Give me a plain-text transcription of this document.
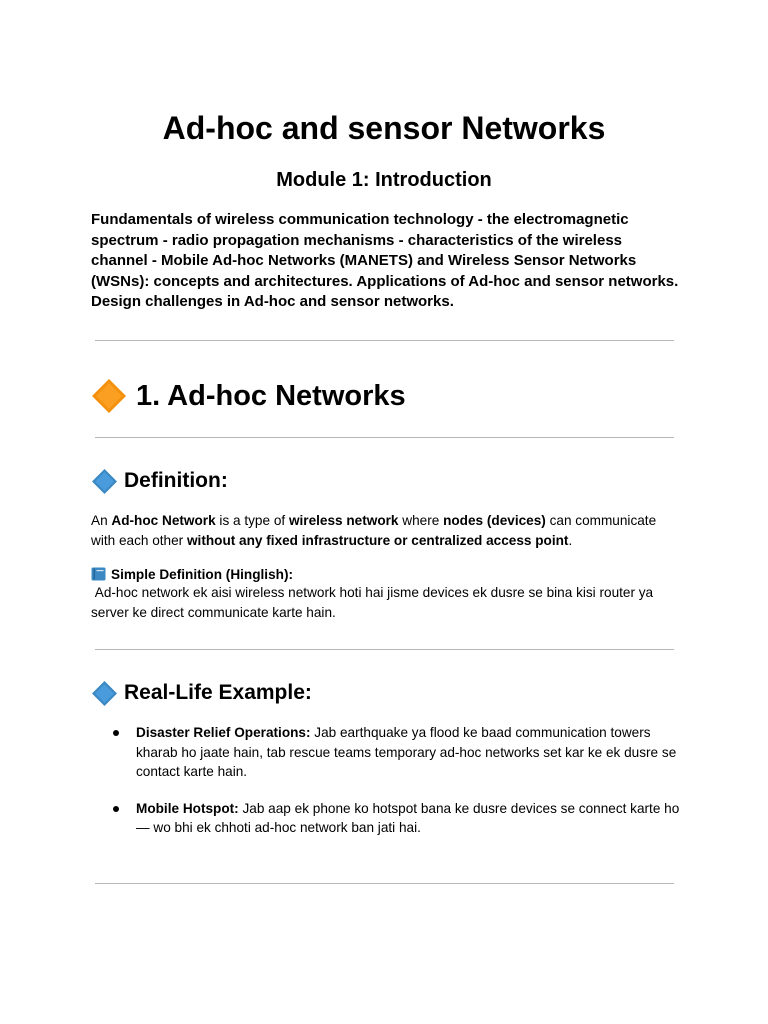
Ad-hoc and sensor Networks
Module 1: Introduction
Fundamentals of wireless communication technology - the electromagnetic spectrum - radio propagation mechanisms - characteristics of the wireless channel - Mobile Ad-hoc Networks (MANETS) and Wireless Sensor Networks (WSNs): concepts and architectures. Applications of Ad-hoc and sensor networks. Design challenges in Ad-hoc and sensor networks.
1. Ad-hoc Networks
Definition:
An Ad-hoc Network is a type of wireless network where nodes (devices) can communicate with each other without any fixed infrastructure or centralized access point.
Simple Definition (Hinglish):
Ad-hoc network ek aisi wireless network hoti hai jisme devices ek dusre se bina kisi router ya server ke direct communicate karte hain.
Real-Life Example:
Disaster Relief Operations: Jab earthquake ya flood ke baad communication towers kharab ho jaate hain, tab rescue teams temporary ad-hoc networks set kar ke ek dusre se contact karte hain.
Mobile Hotspot: Jab aap ek phone ko hotspot bana ke dusre devices se connect karte ho — wo bhi ek chhoti ad-hoc network ban jati hai.
